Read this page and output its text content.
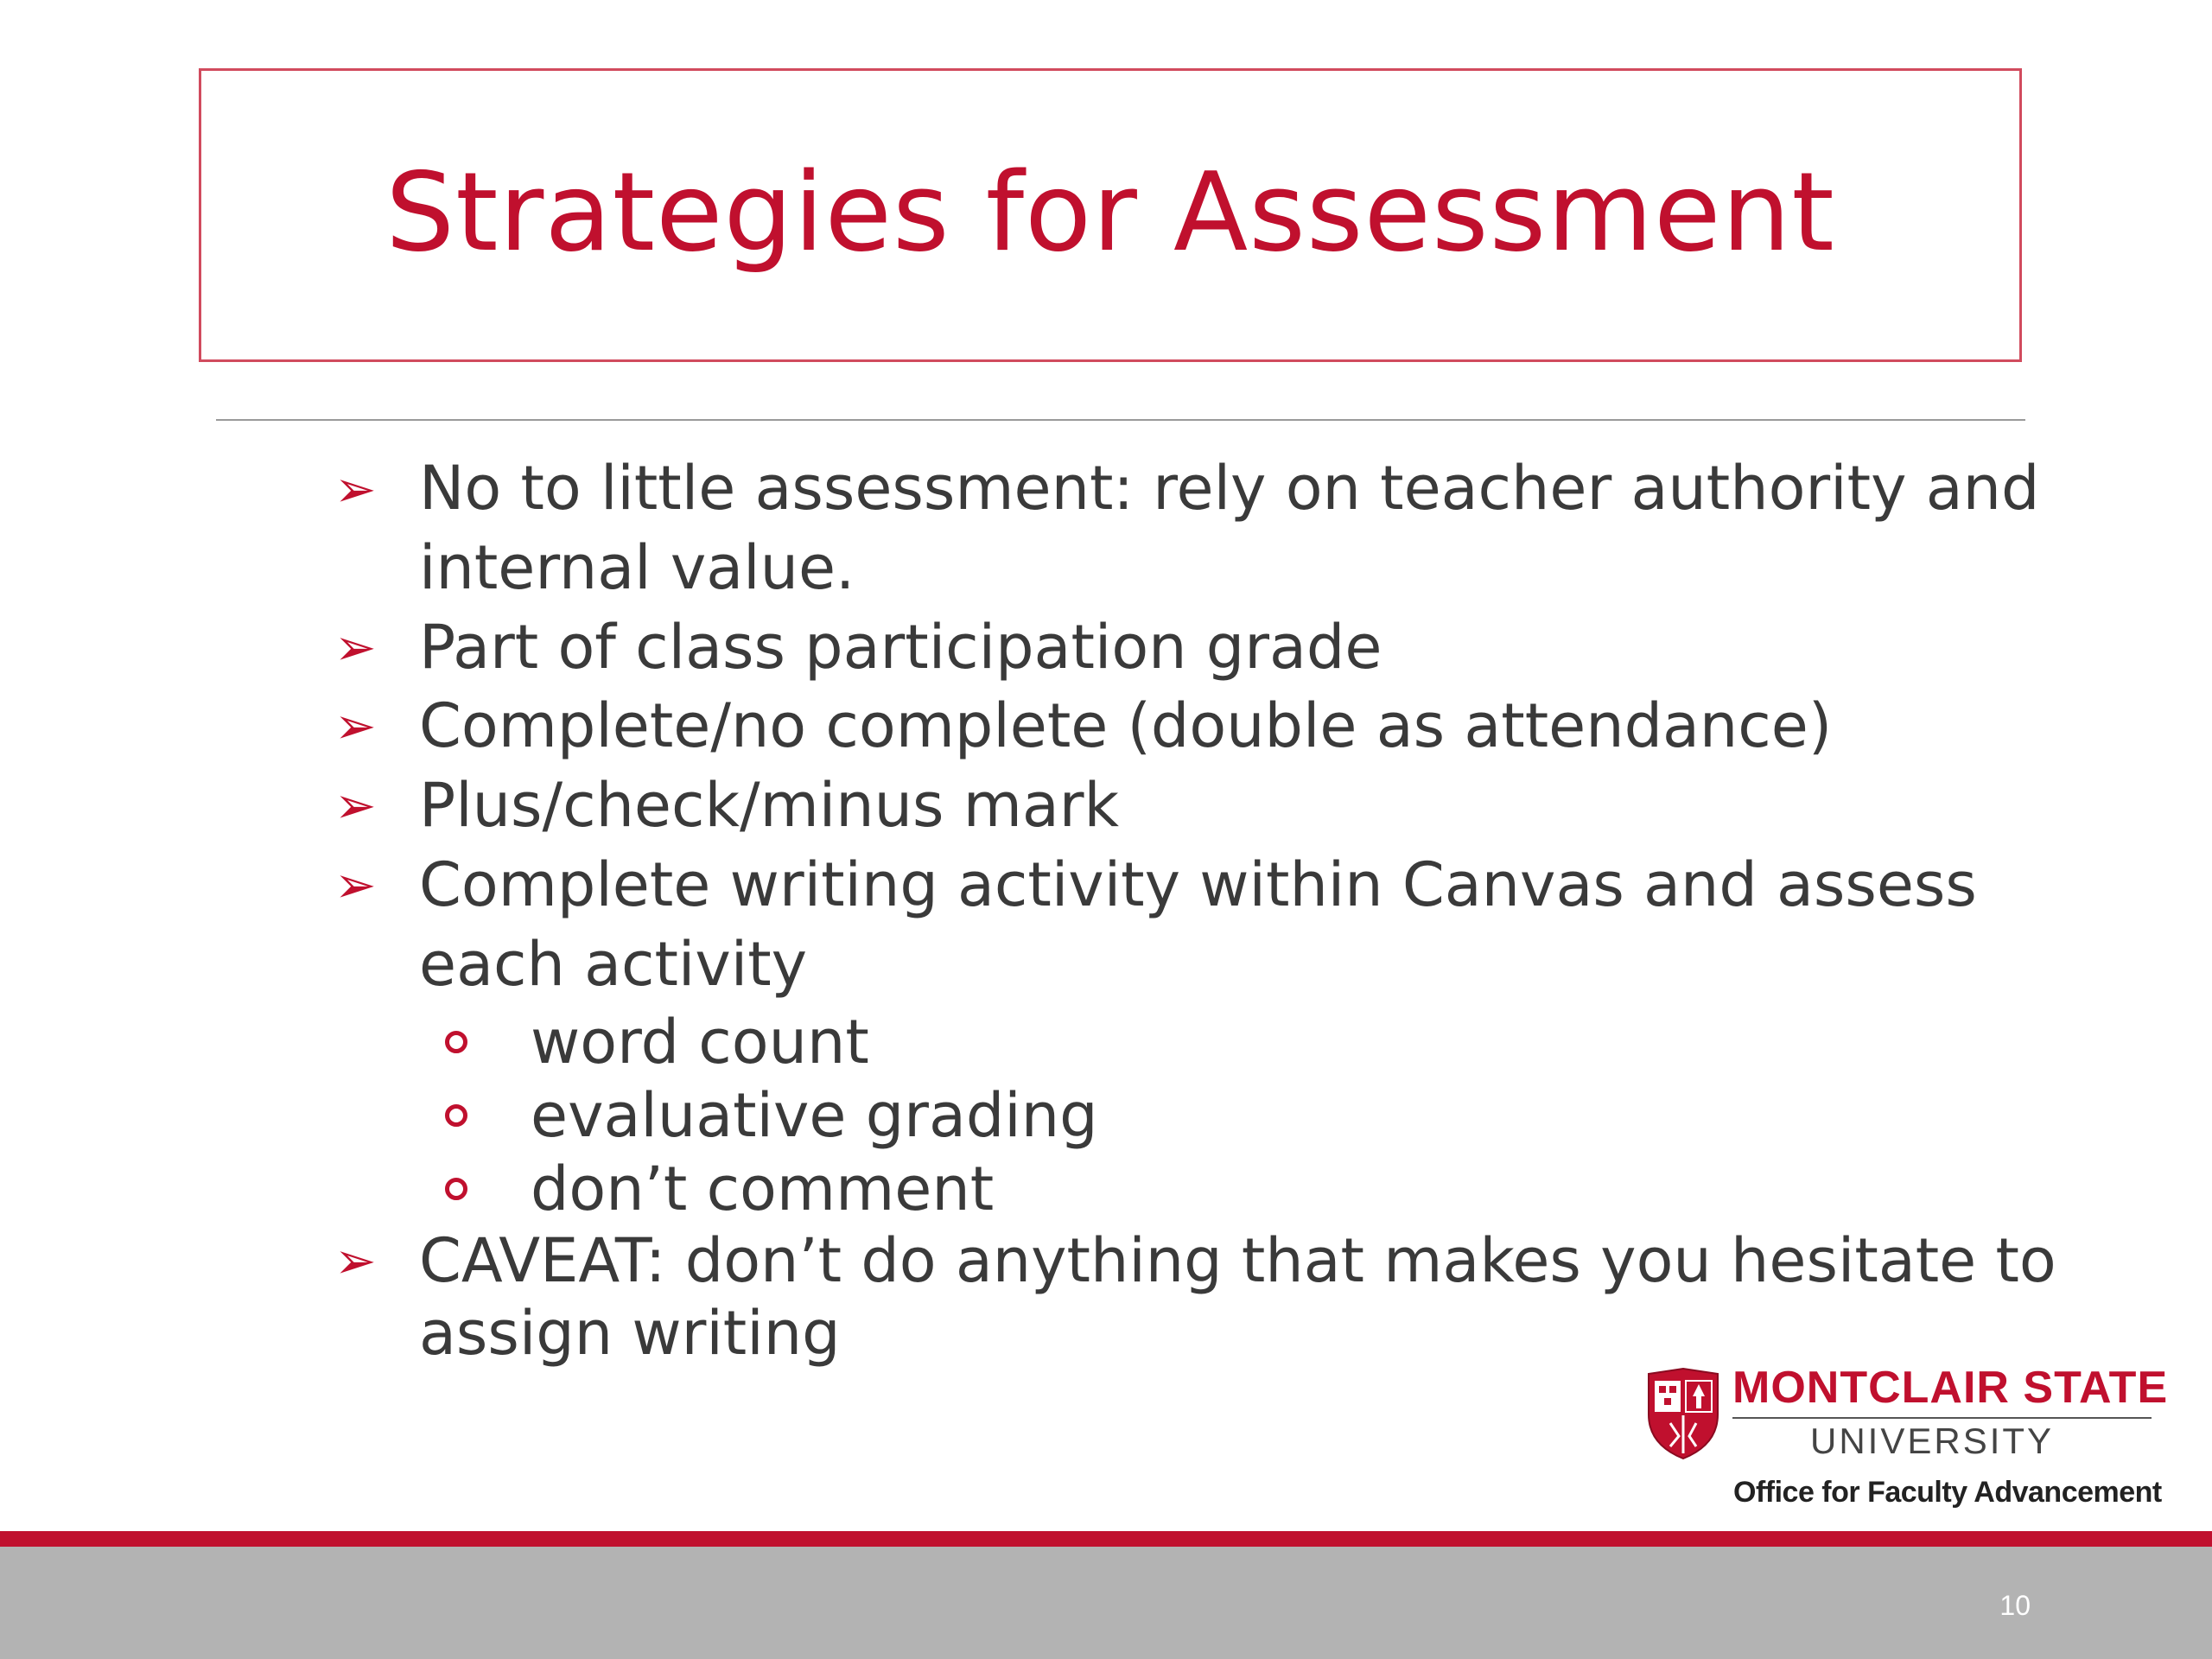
Strategies for Assessment
➢ No to little assessment: rely on teacher authority and
internal value.
➢ Part of class participation grade
➢ Complete/no complete (double as attendance)
➢ Plus/check/minus mark
➢ Complete writing activity within Canvas and assess
each activity
word count
evaluative grading
don’t comment
➢ CAVEAT: don’t do anything that makes you hesitate to
assign writing
MONTCLAIR STATE
UNIVERSITY
Office for Faculty Advancement
10
